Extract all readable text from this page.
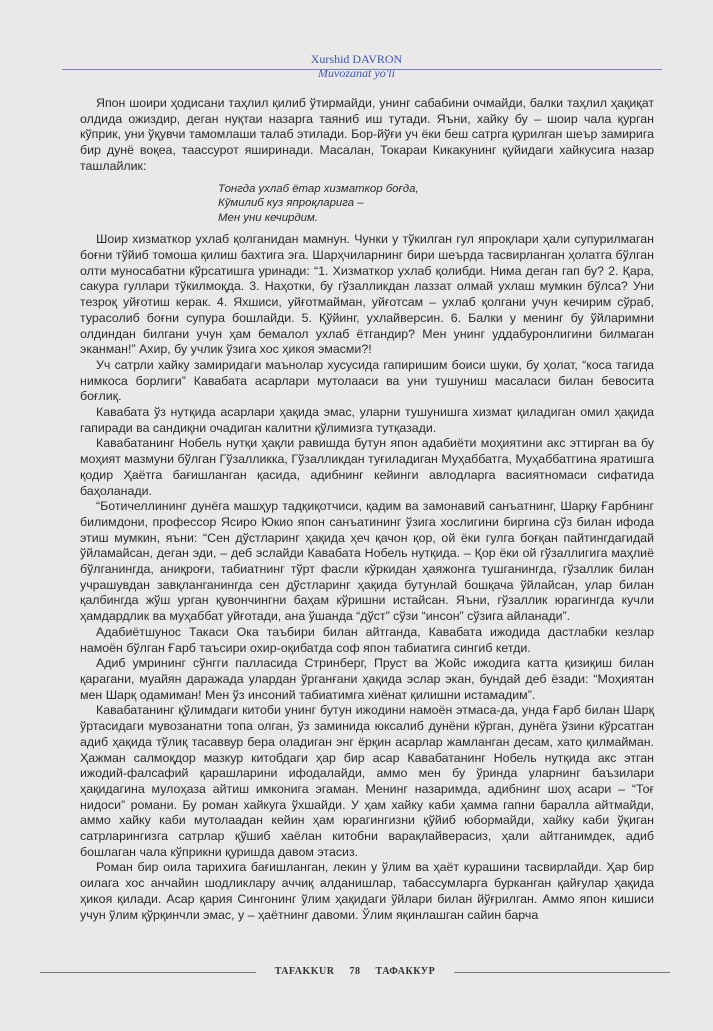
Xurshid DAVRON
Muvozanat yo'li

Япон шоири ҳодисани таҳлил қилиб ўтирмайди, унинг сабабини очмайди, балки таҳлил ҳақиқат олдида ожиздир, деган нуқтаи назарга таяниб иш тутади. Яъни, хайку бу – шоир чала қурган кўприк, уни ўқувчи тамомлаши талаб этилади. Бор-йўғи уч ёки беш сатрга қурилган шеър замирига бир дунё воқеа, таассурот яширинади. Масалан, Токараи Кикакунинг қуйидаги хайкусига назар ташлайлик:

Тонгда ухлаб ётар хизматкор боғда,
Кўмилиб куз япроқларига –
Мен уни кечирдим.

Шоир хизматкор ухлаб қолганидан мамнун. Чунки у тўкилган гул япроқлари ҳали супурилмаган боғни тўйиб томоша қилиш бахтига эга. Шарҳчиларнинг бири шеърда тасвирланган ҳолатга бўлган олти муносабатни кўрсатишга уринади: “1. Хизматкор ухлаб қолибди. Нима деган гап бу? 2. Қара, сакура гуллари тўкилмоқда. 3. Наҳотки, бу гўзалликдан лаззат олмай ухлаш мумкин бўлса? Уни тезроқ уйғотиш керак. 4. Яхшиси, уйғотмайман, уйғотсам – ухлаб қолгани учун кечирим сўраб, тураcолиб боғни супура бошлайди. 5. Қўйинг, ухлайверсин. 6. Балки у менинг бу ўйларимни олдиндан билгани учун ҳам бемалол ухлаб ётгандир? Мен унинг уддабуронлигини билмаган эканман!” Ахир, бу учлик ўзига хос ҳикоя эмасми?!

Уч сатрли хайку замиридаги маънолар хусусида гапиришим боиси шуки, бу ҳолат, “коса тагида нимкоса борлиги” Кавабата асарлари мутолааси ва уни тушуниш масаласи билан бевосита боғлиқ.

Кавабата ўз нутқида асарлари ҳақида эмас, уларни тушунишга хизмат қиладиган омил ҳақида гапиради ва сандиқни очадиган калитни қўлимизга тутқазади.

Кавабатанинг Нобель нутқи ҳақли равишда бутун япон адабиёти моҳиятини акс эттирган ва бу моҳият мазмуни бўлган Гўзалликка, Гўзалликдан туғиладиган Муҳаббатга, Муҳаббатгина яратишга қодир Ҳаётга бағишланган қасида, адибнинг кейинги авлодларга васиятномаси сифатида баҳоланади.

“Ботичеллининг дунёга машҳур тадқиқотчиси, қадим ва замонавий санъатнинг, Шарқу Ғарбнинг билимдони, профессор Ясиро Юкио япон санъатининг ўзига хослигини биргина сўз билан ифода этиш мумкин, яъни: “Сен дўстларинг ҳақида ҳеч қачон қор, ой ёки гулга боғқан пайтингдагидай ўйламайсан, деган эди, – деб эслайди Кавабата Нобель нутқида. – Қор ёки ой гўзаллигига маҳлиё бўлганингда, аниқроғи, табиатнинг тўрт фасли кўркидан ҳаяжонга тушганингда, гўзаллик билан учрашувдан завқланганингда сен дўстларинг ҳақида бутунлай бошқача ўйлайсан, улар билан қалбингда жўш урган қувончингни баҳам кўришни истайсан. Яъни, гўзаллик юрагингда кучли ҳамдардлик ва муҳаббат уйғотади, ана ўшанда “дўст” сўзи “инсон” сўзига айланади”.

Адабиётшунос Такаси Ока таъбири билан айтганда, Кавабата ижодида дастлабки кезлар намоён бўлган Ғарб таъсири охир-оқибатда соф япон табиатига сингиб кетди.

Адиб умрининг сўнгги палласида Стринберг, Пруст ва Жойс ижодига катта қизиқиш билан қарагани, муайян даражада улардан ўрганғани ҳақида эслар экан, бундай деб ёзади: “Моҳиятан мен Шарқ одамиман! Мен ўз инсоний табиатимга хиёнат қилишни истамадим”.

Кавабатанинг қўлимдаги китоби унинг бутун ижодини намоён этмаса-да, унда Ғарб билан Шарқ ўртасидаги мувозанатни топа олган, ўз заминида юксалиб дунёни кўрган, дунёга ўзини кўрсатган адиб ҳақида тўлиқ тасаввур бера оладиган энг ёрқин асарлар жамланган десам, хато қилмайман. Ҳажман салмоқдор мазкур китобдаги ҳар бир асар Кавабатанинг Нобель нутқида акс этган ижодий-фалсафий қарашларини ифодалайди, аммо мен бу ўринда уларнинг баъзилари ҳақидагина мулоҳаза айтиш имконига эгаман. Менинг назаримда, адибнинг шоҳ асари – “Тоғ нидоси” романи. Бу роман хайкуга ўхшайди. У ҳам хайку каби ҳамма гапни баралла айтмайди, аммо хайку каби мутолаадан кейин ҳам юрагингизни қўйиб юбормайди, хайку каби ўқиган сатрларингизга сатрлар қўшиб хаёлан китобни варақлайверасиз, ҳали айтганимдек, адиб бошлаган чала кўприкни қуришда давом этасиз.

Роман бир оила тарихига бағишланган, лекин у ўлим ва ҳаёт курашини тасвирлайди. Ҳар бир оилага хос анчайин шодликлару аччиқ алданишлар, табассумларга бурканган қайғулар ҳақида ҳикоя қилади. Асар қария Сингонинг ўлим ҳақидаги ўйлари билан йўғрилган. Аммо япон кишиси учун ўлим қўрқинчли эмас, у – ҳаётнинг давоми. Ўлим яқинлашган сайин барча

TAFAKKUR 78 ТАФАККУР
